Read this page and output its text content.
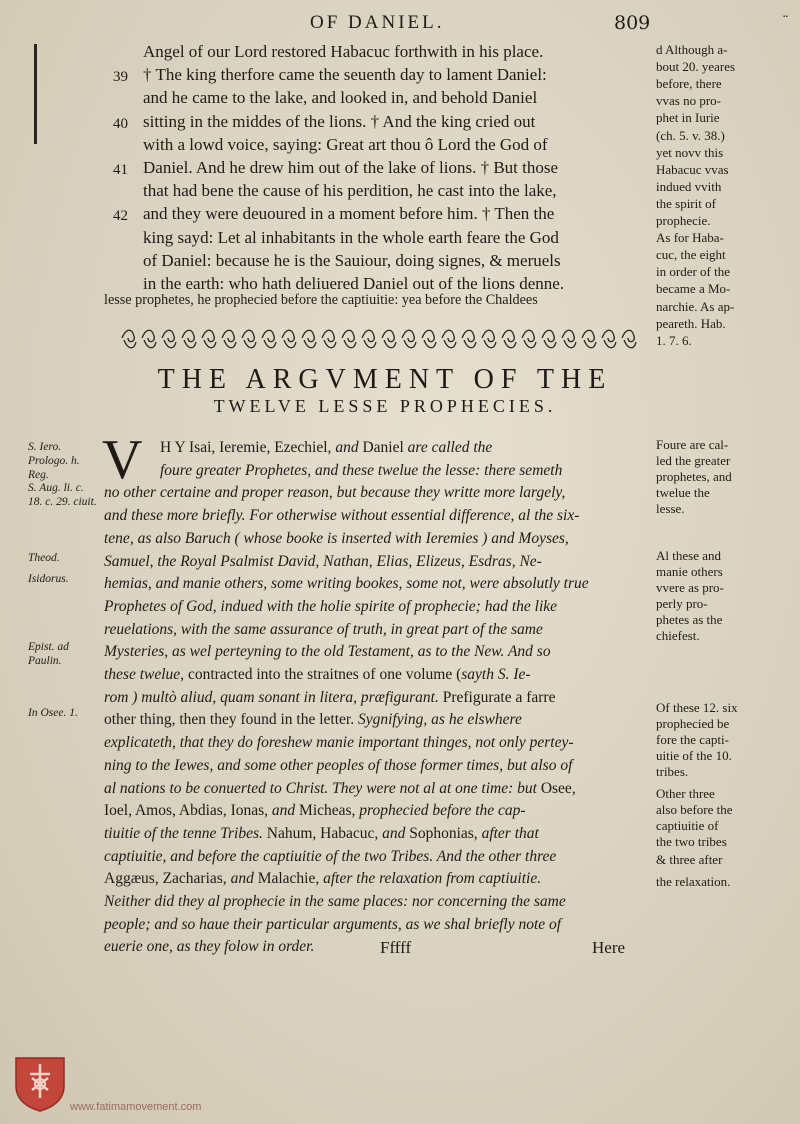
OF DANIEL.	809	¨
Angel of our Lord restored Habacuc forthwith in his place.
39 † The king therfore came the seuenth day to lament Daniel:
and he came to the lake, and looked in, and behold Daniel
40 sitting in the middes of the lions. † And the king cried out
with a lowd voice, saying: Great art thou ô Lord the God of
41 Daniel. And he drew him out of the lake of lions. † But those
that had bene the cause of his perdition, he cast into the lake,
42 and they were deuoured in a moment before him. † Then the
king sayd: Let al inhabitants in the whole earth feare the God
of Daniel: because he is the Sauiour, doing signes, & meruels
in the earth: who hath deliuered Daniel out of the lions denne.
lesse prophetes, he prophecied before the captiuitie: yea before the Chaldees
d Although a-
bout 20. yeares
before, there
vvas no pro-
phet in Iurie
(ch. 5. v. 38.)
yet novv this
Habacuc vvas
indued vvith
the spirit of
prophecie.
As for Haba-
cuc, the eight
in order of the
became a Mo-
narchie. As ap-
peareth. Hab.
1. 7. 6.
THE ARGVMENT OF THE
TWELVE LESSE PROPHECIES.
V H Y Isai, Ieremie, Ezechiel, and Daniel are called the
foure greater Prophetes, and these twelue the lesse: there semeth
no other certaine and proper reason, but because they writte more largely,
and these more briefly. For otherwise without essential difference, al the six-
tene, as also Baruch ( whose booke is inserted with Ieremies ) and Moyses,
Samuel, the Royal Psalmist David, Nathan, Elias, Elizeus, Esdras, Ne-
hemias, and manie others, some writing bookes, some not, were absolutly true
Prophetes of God, indued with the holie spirite of prophecie; had the like
reuelations, with the same assurance of truth, in great part of the same
Mysteries, as wel perteyning to the old Testament, as to the New. And so
these twelue, contracted into the straitnes of one volume (sayth S. Ie-
rom ) multò aliud, quam sonant in litera, præfigurant. Prefigurate a farre
other thing, then they found in the letter. Sygnifying, as he elswhere
explicateth, that they do foreshew manie important thinges, not only pertey-
ning to the Iewes, and some other peoples of those former times, but also of
al nations to be conuerted to Christ. They were not al at one time: but Osee,
Ioel, Amos, Abdias, Ionas, and Micheas, prophecied before the cap-
tiuitie of the tenne Tribes. Nahum, Habacuc, and Sophonias, after that
captiuitie, and before the captiuitie of the two Tribes. And the other three
Aggæus, Zacharias, and Malachie, after the relaxation from captiuitie.
Neither did they al prophecie in the same places: nor concerning the same
people; and so haue their particular arguments, as we shal briefly note of
euerie one, as they folow in order.
S. Iero. Prologo. h. Reg.
S. Aug. li. c. 18. c. 29. ciuit.
Theod.
Isidorus.
Epist. ad Paulin.
In Osee. 1.
Foure are cal-
led the greater
prophetes, and
twelue the
lesse.
Al these and
manie others
vvere as pro-
perly pro-
phetes as the
chiefest.
Of these 12. six
prophecied be
fore the capti-
uitie of the 10.
tribes.
Other three
also before the
captiuitie of
the two tribes
& three after
the relaxation.
Fffff	Here
www.fatimamovement.com
